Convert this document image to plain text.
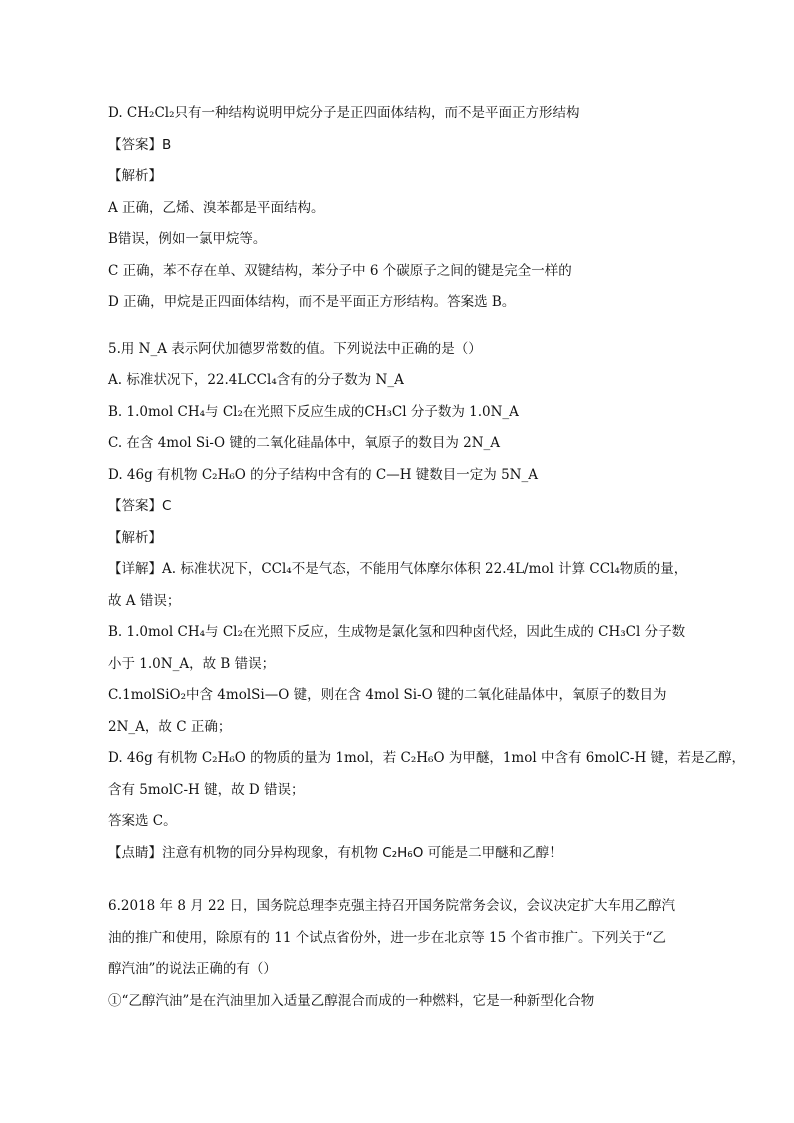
D. CH₂Cl₂只有一种结构说明甲烷分子是正四面体结构，而不是平面正方形结构
【答案】B
【解析】
A 正确，乙烯、溴苯都是平面结构。
B错误，例如一氯甲烷等。
C 正确，苯不存在单、双键结构，苯分子中 6 个碳原子之间的键是完全一样的
D 正确，甲烷是正四面体结构，而不是平面正方形结构。答案选 B。
5.用 N_A 表示阿伏加德罗常数的值。下列说法中正确的是（）
A. 标准状况下，22.4LCCl₄含有的分子数为 N_A
B. 1.0mol CH₄与 Cl₂在光照下反应生成的CH₃Cl 分子数为 1.0N_A
C. 在含 4mol Si-O 键的二氧化硅晶体中，氧原子的数目为 2N_A
D. 46g 有机物 C₂H₆O 的分子结构中含有的 C—H 键数目一定为 5N_A
【答案】C
【解析】
【详解】A. 标准状况下，CCl₄不是气态，不能用气体摩尔体积 22.4L/mol 计算 CCl₄物质的量，
故 A 错误；
B. 1.0mol CH₄与 Cl₂在光照下反应，生成物是氯化氢和四种卤代烃，因此生成的 CH₃Cl 分子数
小于 1.0N_A，故 B 错误；
C.1molSiO₂中含 4molSi—O 键，则在含 4mol Si-O 键的二氧化硅晶体中，氧原子的数目为
2N_A，故 C 正确；
D. 46g 有机物 C₂H₆O 的物质的量为 1mol，若 C₂H₆O 为甲醚，1mol 中含有 6molC-H 键，若是乙醇，
含有 5molC-H 键，故 D 错误；
答案选 C。
【点睛】注意有机物的同分异构现象，有机物 C₂H₆O 可能是二甲醚和乙醇！
6.2018 年 8 月 22 日，国务院总理李克强主持召开国务院常务会议，会议决定扩大车用乙醇汽
油的推广和使用，除原有的 11 个试点省份外，进一步在北京等 15 个省市推广。下列关于“乙
醇汽油”的说法正确的有（）
①“乙醇汽油”是在汽油里加入适量乙醇混合而成的一种燃料，它是一种新型化合物
